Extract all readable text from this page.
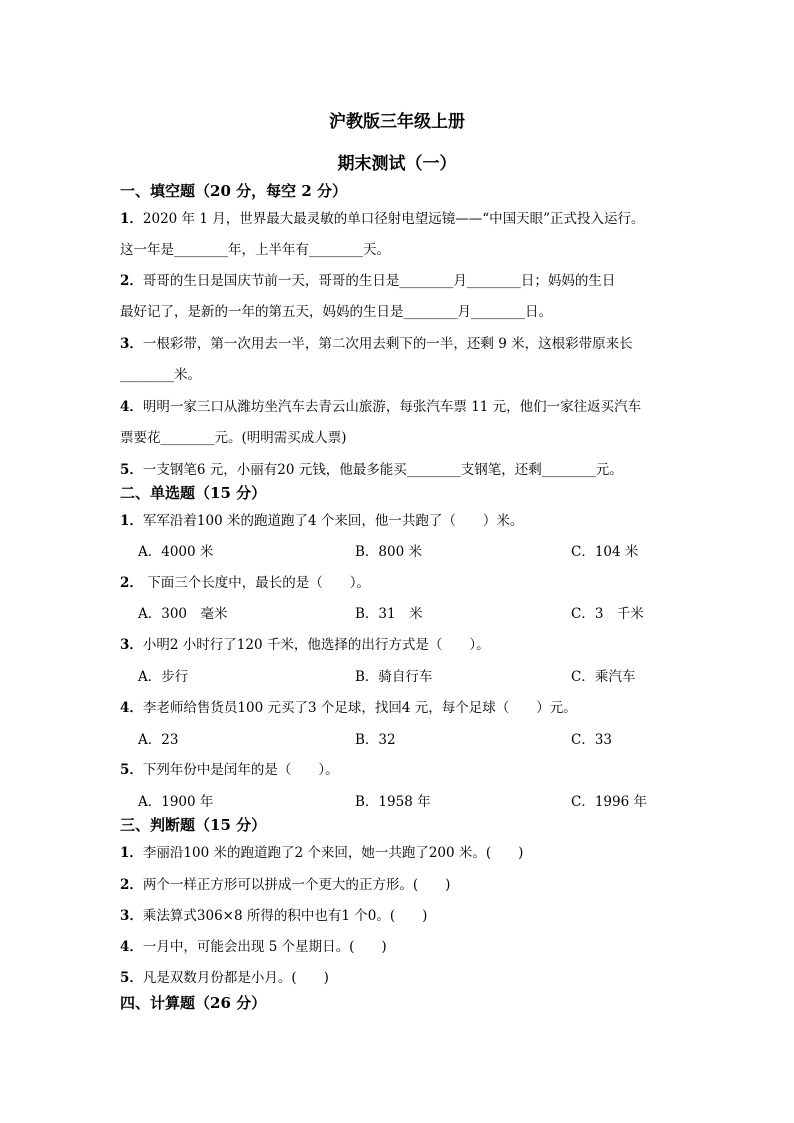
沪教版三年级上册
期末测试（一）
一、填空题（20 分，每空 2 分）
1．2020 年 1 月，世界最大最灵敏的单口径射电望远镜——“中国天眼”正式投入运行。
这一年是________年，上半年有________天。
2．哥哥的生日是国庆节前一天，哥哥的生日是________月________日；妈妈的生日
最好记了，是新的一年的第五天，妈妈的生日是________月________日。
3．一根彩带，第一次用去一半，第二次用去剩下的一半，还剩 9 米，这根彩带原来长
________米。
4．明明一家三口从潍坊坐汽车去青云山旅游，每张汽车票 11 元，他们一家往返买汽车
票要花________元。(明明需买成人票)
5．一支钢笔6 元，小丽有20 元钱，他最多能买________支钢笔，还剩________元。
二、单选题（15 分）
1．军军沿着100 米的跑道跑了4 个来回，他一共跑了（　　）米。
A．4000 米	B．800 米	C．104 米
2． 下面三个长度中，最长的是（　　）。
A．300　毫米	B．31　米	C．3　千米
3．小明2 小时行了120 千米，他选择的出行方式是（　　）。
A．步行	B．骑自行车	C．乘汽车
4．李老师给售货员100 元买了3 个足球，找回4 元，每个足球（　　）元。
A．23	B．32	C．33
5．下列年份中是闰年的是（　　）。
A．1900 年	B．1958 年	C．1996 年
三、判断题（15 分）
1．李丽沿100 米的跑道跑了2 个来回，她一共跑了200 米。(　　)
2．两个一样正方形可以拼成一个更大的正方形。(　　)
3．乘法算式306×8 所得的积中也有1 个0。(　　)
4．一月中，可能会出现 5 个星期日。(　　)
5．凡是双数月份都是小月。(　　)
四、计算题（26 分）
